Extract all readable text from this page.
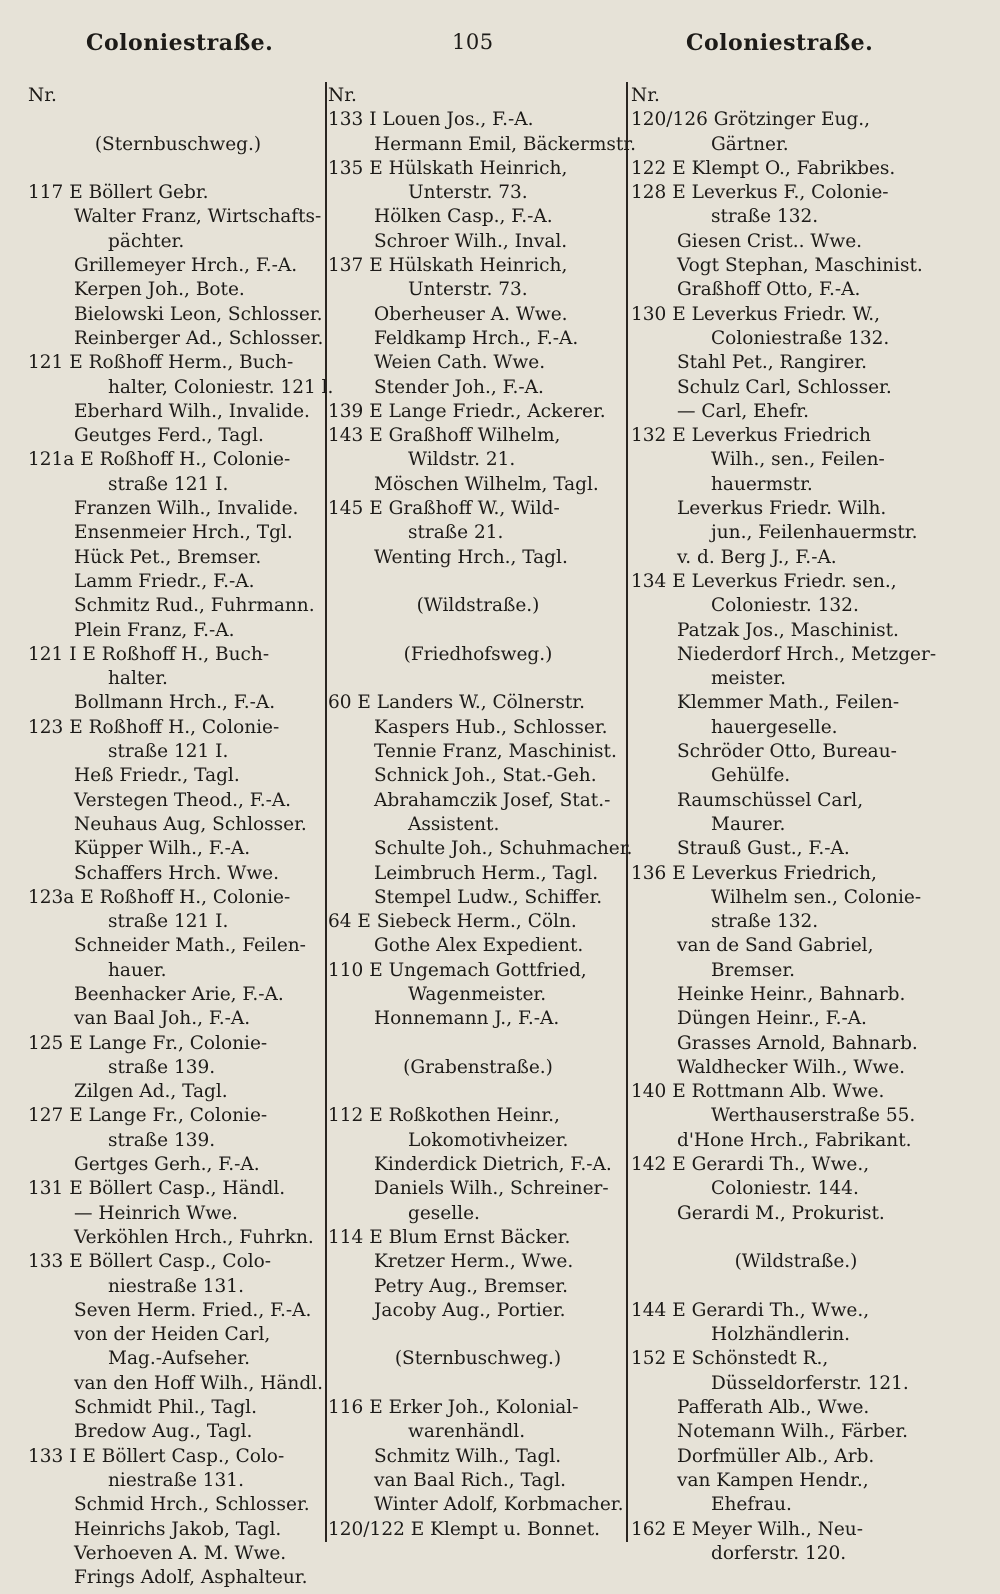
Coloniestraße.	105	Coloniestraße.
Nr.
(Sternbuschweg.)
117 E Böllert Gebr.
Walter Franz, Wirtschafts-
pächter.
Grillemeyer Hrch., F.-A.
Kerpen Joh., Bote.
Bielowski Leon, Schlosser.
Reinberger Ad., Schlosser.
121 E Roßhoff Herm., Buch-
halter, Coloniestr. 121 l.
Eberhard Wilh., Invalide.
Geutges Ferd., Tagl.
121a E Roßhoff H., Colonie-
straße 121 I.
Franzen Wilh., Invalide.
Ensenmeier Hrch., Tgl.
Hück Pet., Bremser.
Lamm Friedr., F.-A.
Schmitz Rud., Fuhrmann.
Plein Franz, F.-A.
121 I E Roßhoff H., Buch-
halter.
Bollmann Hrch., F.-A.
123 E Roßhoff H., Colonie-
straße 121 I.
Heß Friedr., Tagl.
Verstegen Theod., F.-A.
Neuhaus Aug, Schlosser.
Küpper Wilh., F.-A.
Schaffers Hrch. Wwe.
123a E Roßhoff H., Colonie-
straße 121 I.
Schneider Math., Feilen-
hauer.
Beenhacker Arie, F.-A.
van Baal Joh., F.-A.
125 E Lange Fr., Colonie-
straße 139.
Zilgen Ad., Tagl.
127 E Lange Fr., Colonie-
straße 139.
Gertges Gerh., F.-A.
131 E Böllert Casp., Händl.
— Heinrich Wwe.
Verköhlen Hrch., Fuhrkn.
133 E Böllert Casp., Colo-
niestraße 131.
Seven Herm. Fried., F.-A.
von der Heiden Carl,
Mag.-Aufseher.
van den Hoff Wilh., Händl.
Schmidt Phil., Tagl.
Bredow Aug., Tagl.
133 I E Böllert Casp., Colo-
niestraße 131.
Schmid Hrch., Schlosser.
Heinrichs Jakob, Tagl.
Verhoeven A. M. Wwe.
Frings Adolf, Asphalteur.
Nr.
133 I Louen Jos., F.-A.
Hermann Emil, Bäckermstr.
135 E Hülskath Heinrich,
Unterstr. 73.
Hölken Casp., F.-A.
Schroer Wilh., Inval.
137 E Hülskath Heinrich,
Unterstr. 73.
Oberheuser A. Wwe.
Feldkamp Hrch., F.-A.
Weien Cath. Wwe.
Stender Joh., F.-A.
139 E Lange Friedr., Ackerer.
143 E Graßhoff Wilhelm,
Wildstr. 21.
Möschen Wilhelm, Tagl.
145 E Graßhoff W., Wild-
straße 21.
Wenting Hrch., Tagl.
(Wildstraße.)
(Friedhofsweg.)
60 E Landers W., Cölnerstr.
Kaspers Hub., Schlosser.
Tennie Franz, Maschinist.
Schnick Joh., Stat.-Geh.
Abrahamczik Josef, Stat.-
Assistent.
Schulte Joh., Schuhmacher.
Leimbruch Herm., Tagl.
Stempel Ludw., Schiffer.
64 E Siebeck Herm., Cöln.
Gothe Alex Expedient.
110 E Ungemach Gottfried,
Wagenmeister.
Honnemann J., F.-A.
(Grabenstraße.)
112 E Roßkothen Heinr.,
Lokomotivheizer.
Kinderdick Dietrich, F.-A.
Daniels Wilh., Schreiner-
geselle.
114 E Blum Ernst Bäcker.
Kretzer Herm., Wwe.
Petry Aug., Bremser.
Jacoby Aug., Portier.
(Sternbuschweg.)
116 E Erker Joh., Kolonial-
warenhändl.
Schmitz Wilh., Tagl.
van Baal Rich., Tagl.
Winter Adolf, Korbmacher.
120/122 E Klempt u. Bonnet.
Nr.
120/126 Grötzinger Eug.,
Gärtner.
122 E Klempt O., Fabrikbes.
128 E Leverkus F., Colonie-
straße 132.
Giesen Crist.. Wwe.
Vogt Stephan, Maschinist.
Graßhoff Otto, F.-A.
130 E Leverkus Friedr. W.,
Coloniestraße 132.
Stahl Pet., Rangirer.
Schulz Carl, Schlosser.
— Carl, Ehefr.
132 E Leverkus Friedrich
Wilh., sen., Feilen-
hauermstr.
Leverkus Friedr. Wilh.
jun., Feilenhauermstr.
v. d. Berg J., F.-A.
134 E Leverkus Friedr. sen.,
Coloniestr. 132.
Patzak Jos., Maschinist.
Niederdorf Hrch., Metzger-
meister.
Klemmer Math., Feilen-
hauergeselle.
Schröder Otto, Bureau-
Gehülfe.
Raumschüssel Carl,
Maurer.
Strauß Gust., F.-A.
136 E Leverkus Friedrich,
Wilhelm sen., Colonie-
straße 132.
van de Sand Gabriel,
Bremser.
Heinke Heinr., Bahnarb.
Düngen Heinr., F.-A.
Grasses Arnold, Bahnarb.
Waldhecker Wilh., Wwe.
140 E Rottmann Alb. Wwe.
Werthauserstraße 55.
d'Hone Hrch., Fabrikant.
142 E Gerardi Th., Wwe.,
Coloniestr. 144.
Gerardi M., Prokurist.
(Wildstraße.)
144 E Gerardi Th., Wwe.,
Holzhändlerin.
152 E Schönstedt R.,
Düsseldorferstr. 121.
Pafferath Alb., Wwe.
Notemann Wilh., Färber.
Dorfmüller Alb., Arb.
van Kampen Hendr.,
Ehefrau.
162 E Meyer Wilh., Neu-
dorferstr. 120.
